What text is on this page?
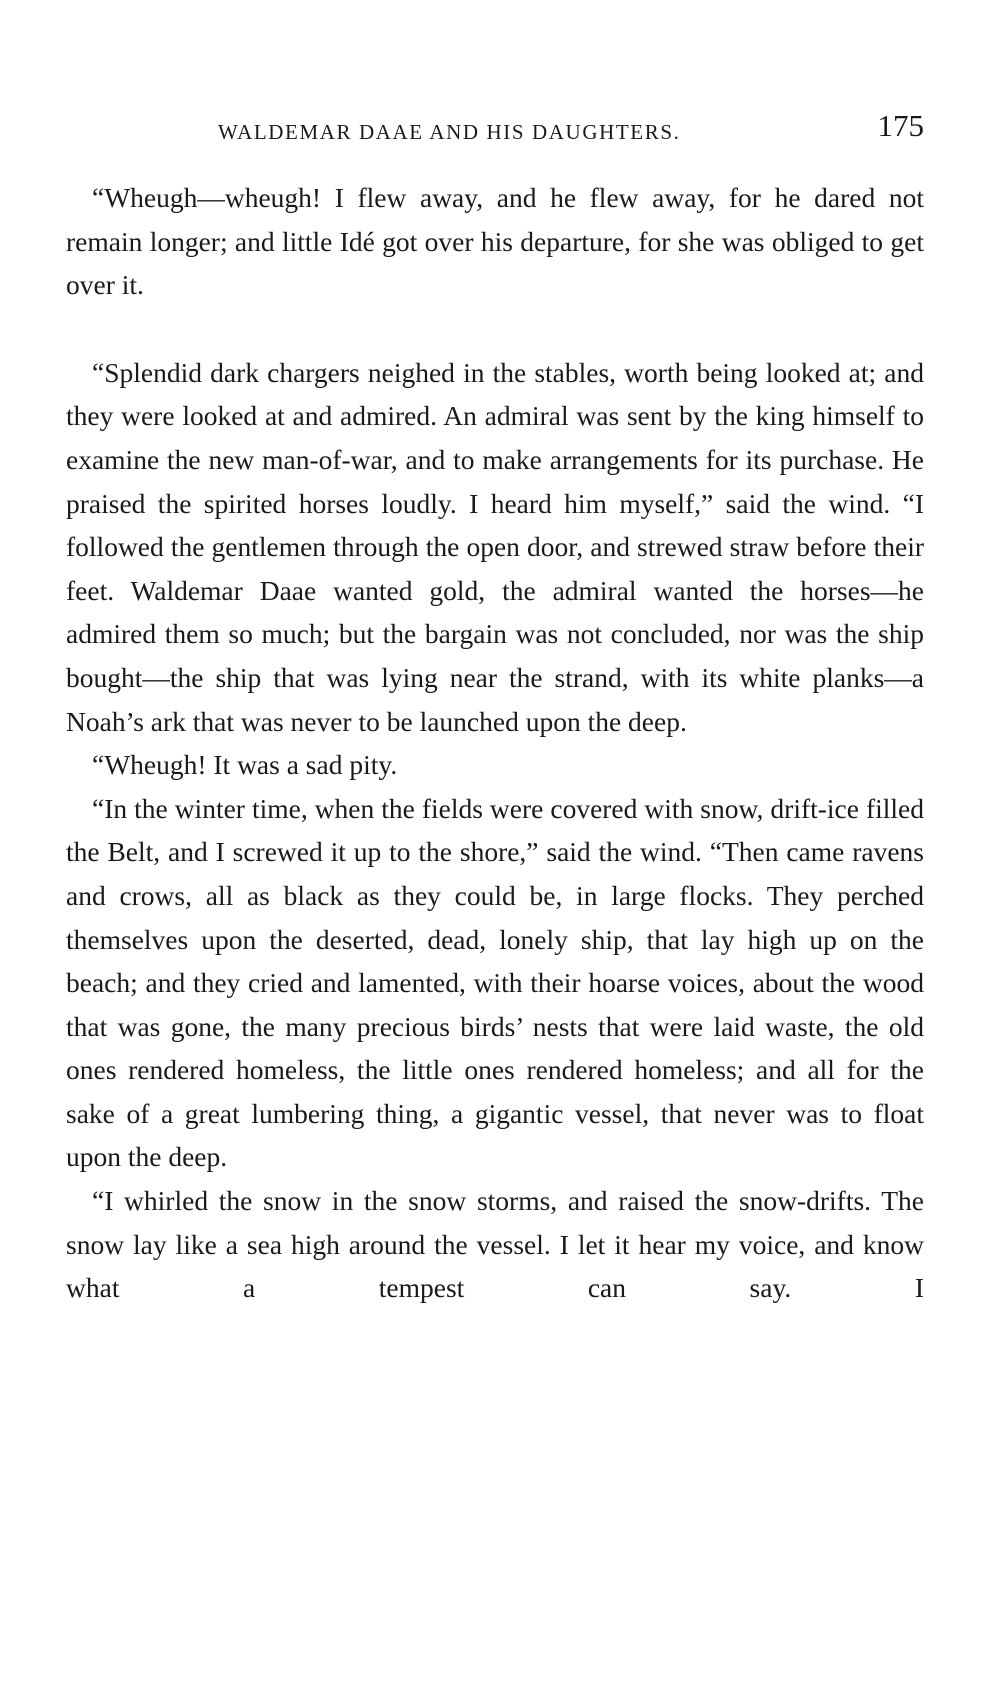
WALDEMAR DAAE AND HIS DAUGHTERS.	175

“Wheugh—wheugh! I flew away, and he flew away, for he dared not remain longer; and little Idé got over his departure, for she was obliged to get over it.

“Splendid dark chargers neighed in the stables, worth being looked at; and they were looked at and admired. An admiral was sent by the king himself to examine the new man-of-war, and to make arrangements for its purchase. He praised the spirited horses loudly. I heard him myself,” said the wind. “I followed the gentlemen through the open door, and strewed straw before their feet. Waldemar Daae wanted gold, the admiral wanted the horses—he admired them so much; but the bargain was not concluded, nor was the ship bought—the ship that was lying near the strand, with its white planks—a Noah’s ark that was never to be launched upon the deep.

“Wheugh! It was a sad pity.

“In the winter time, when the fields were covered with snow, drift-ice filled the Belt, and I screwed it up to the shore,” said the wind. “Then came ravens and crows, all as black as they could be, in large flocks. They perched themselves upon the deserted, dead, lonely ship, that lay high up on the beach; and they cried and lamented, with their hoarse voices, about the wood that was gone, the many precious birds’ nests that were laid waste, the old ones rendered homeless, the little ones rendered homeless; and all for the sake of a great lumbering thing, a gigantic vessel, that never was to float upon the deep.

“I whirled the snow in the snow storms, and raised the snow-drifts. The snow lay like a sea high around the vessel. I let it hear my voice, and know what a tempest can say. I
